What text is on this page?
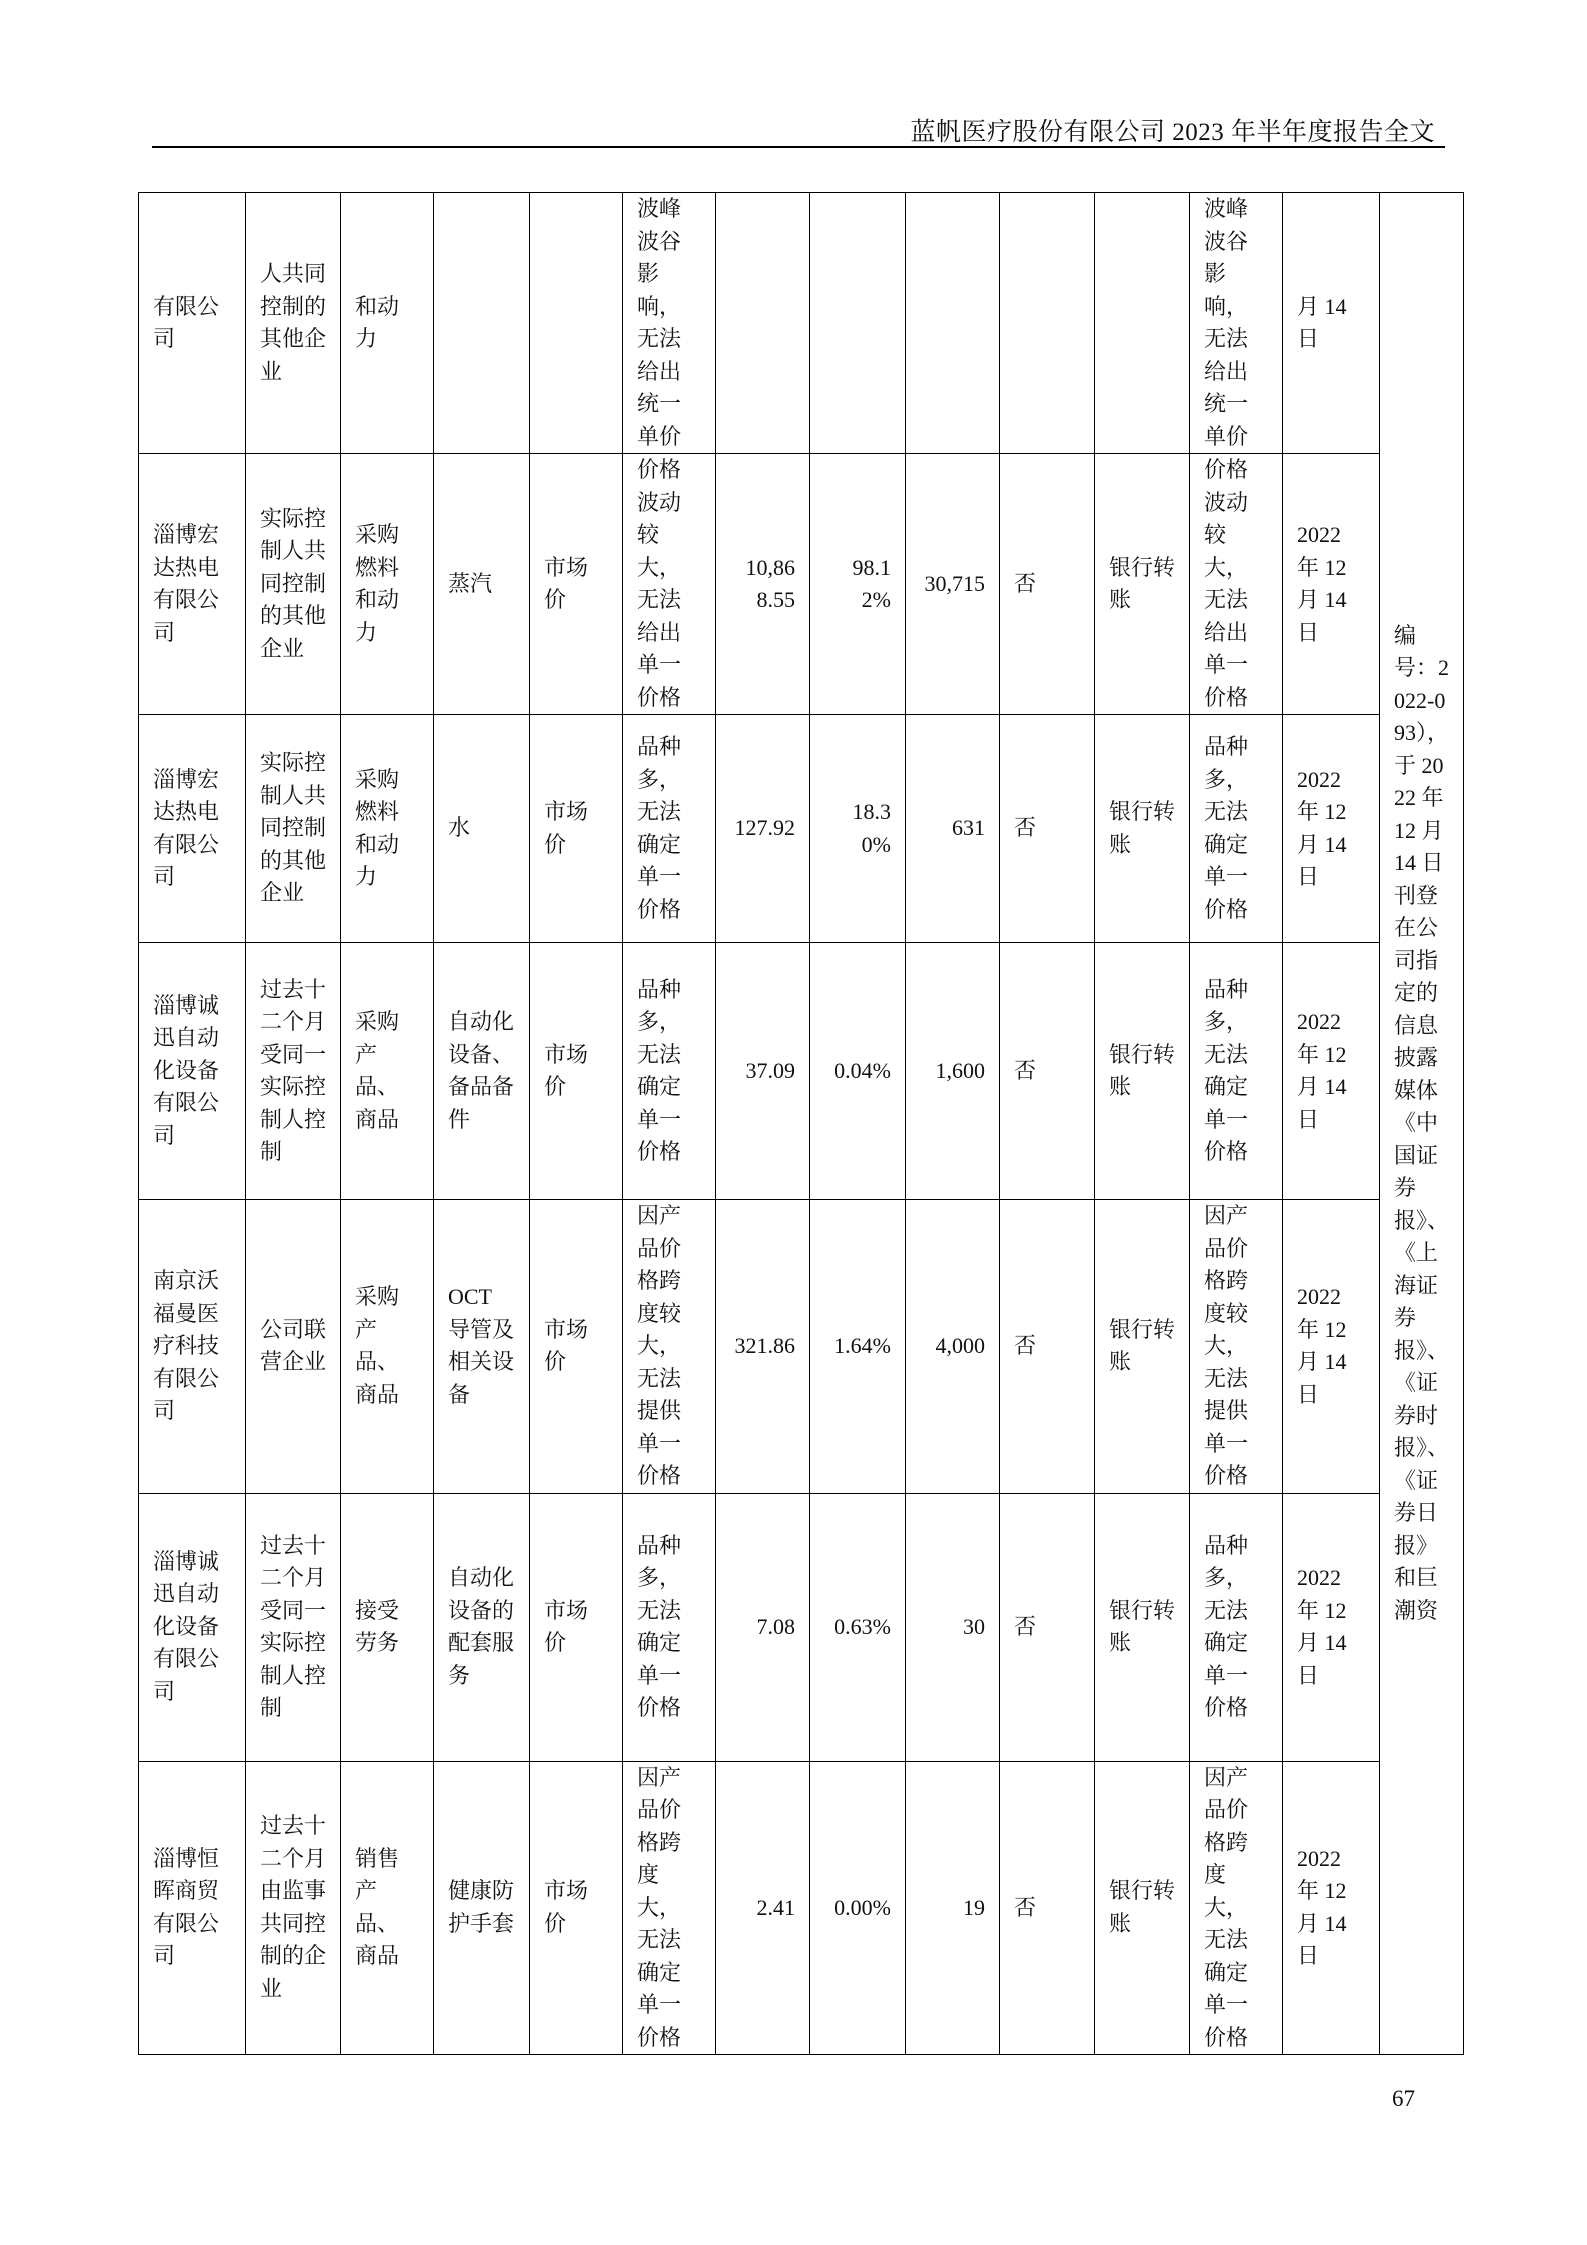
蓝帆医疗股份有限公司 2023 年半年度报告全文
有限公司	人共同控制的其他企业	和动力			波峰波谷影响，无法给出统一单价						波峰波谷影响，无法给出统一单价	月 14 日	编号：2022-093），于 2022 年 12 月 14 日刊登在公司指定的信息披露媒体《中国证券报》、《上海证券报》、《证券时报》、《证券日报》和巨潮资
淄博宏达热电有限公司	实际控制人共同控制的其他企业	采购燃料和动力	蒸汽	市场价	价格波动较大，无法给出单一价格	10,868.55	98.12%	30,715	否	银行转账	价格波动较大，无法给出单一价格	2022 年 12 月 14 日	
淄博宏达热电有限公司	实际控制人共同控制的其他企业	采购燃料和动力	水	市场价	品种多，无法确定单一价格	127.92	18.30%	631	否	银行转账	品种多，无法确定单一价格	2022 年 12 月 14 日	
淄博诚迅自动化设备有限公司	过去十二个月受同一实际控制人控制	采购产品、商品	自动化设备、备品备件	市场价	品种多，无法确定单一价格	37.09	0.04%	1,600	否	银行转账	品种多，无法确定单一价格	2022 年 12 月 14 日	
南京沃福曼医疗科技有限公司	公司联营企业	采购产品、商品	OCT 导管及相关设备	市场价	因产品价格跨度较大，无法提供单一价格	321.86	1.64%	4,000	否	银行转账	因产品价格跨度较大，无法提供单一价格	2022 年 12 月 14 日	
淄博诚迅自动化设备有限公司	过去十二个月受同一实际控制人控制	接受劳务	自动化设备的配套服务	市场价	品种多，无法确定单一价格	7.08	0.63%	30	否	银行转账	品种多，无法确定单一价格	2022 年 12 月 14 日	
淄博恒晖商贸有限公司	过去十二个月由监事共同控制的企业	销售产品、商品	健康防护手套	市场价	因产品价格跨度大，无法确定单一价格	2.41	0.00%	19	否	银行转账	因产品价格跨度大，无法确定单一价格	2022 年 12 月 14 日	
67
